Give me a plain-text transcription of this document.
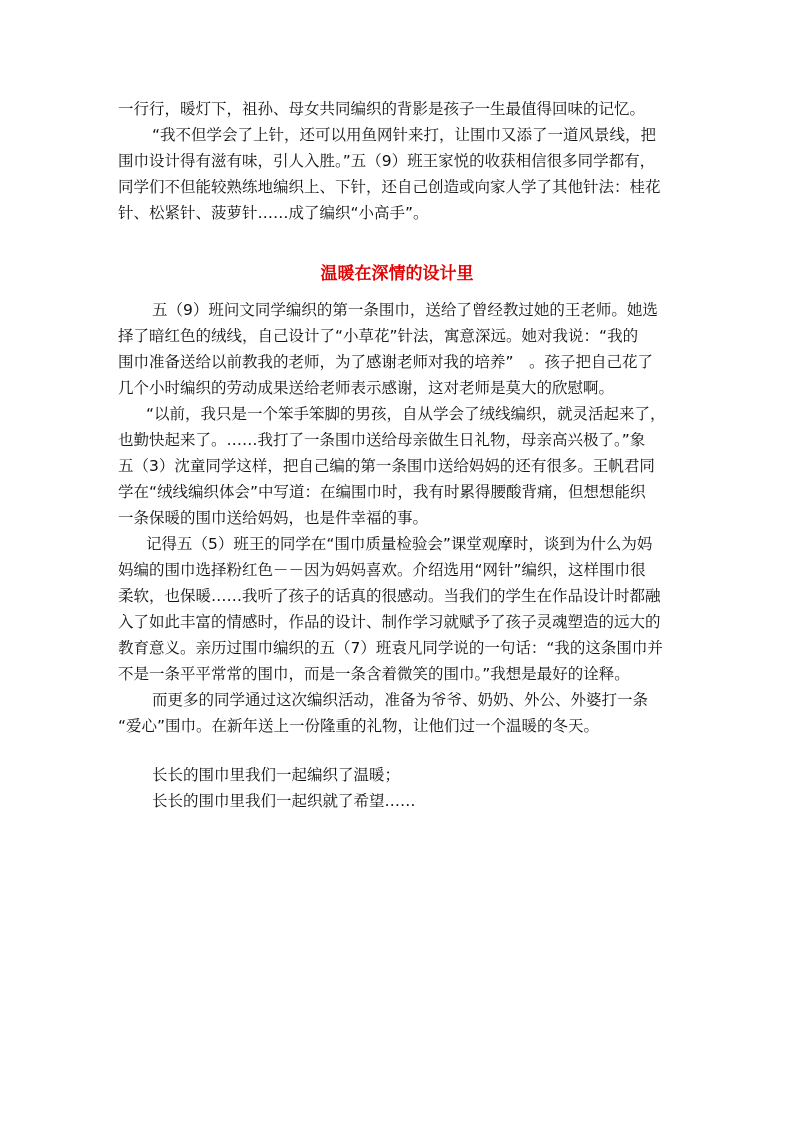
一行行，暖灯下，祖孙、母女共同编织的背影是孩子一生最值得回味的记忆。
“我不但学会了上针，还可以用鱼网针来打，让围巾又添了一道风景线，把
围巾设计得有滋有味，引人入胜。”五（9）班王家悦的收获相信很多同学都有，
同学们不但能较熟练地编织上、下针，还自己创造或向家人学了其他针法：桂花
针、松紧针、菠萝针……成了编织“小高手”。
温暖在深情的设计里
五（9）班问文同学编织的第一条围巾，送给了曾经教过她的王老师。她选
择了暗红色的绒线，自己设计了“小草花”针法，寓意深远。她对我说：“我的
围巾准备送给以前教我的老师，为了感谢老师对我的培养”　。孩子把自己花了
几个小时编织的劳动成果送给老师表示感谢，这对老师是莫大的欣慰啊。
“以前，我只是一个笨手笨脚的男孩，自从学会了绒线编织，就灵活起来了，
也勤快起来了。……我打了一条围巾送给母亲做生日礼物，母亲高兴极了。”象
五（3）沈童同学这样，把自己编的第一条围巾送给妈妈的还有很多。王帆君同
学在“绒线编织体会”中写道：在编围巾时，我有时累得腰酸背痛，但想想能织
一条保暖的围巾送给妈妈，也是件幸福的事。
记得五（5）班王的同学在“围巾质量检验会”课堂观摩时，谈到为什么为妈
妈编的围巾选择粉红色－－因为妈妈喜欢。介绍选用“网针”编织，这样围巾很
柔软，也保暖……我听了孩子的话真的很感动。当我们的学生在作品设计时都融
入了如此丰富的情感时，作品的设计、制作学习就赋予了孩子灵魂塑造的远大的
教育意义。亲历过围巾编织的五（7）班袁凡同学说的一句话：“我的这条围巾并
不是一条平平常常的围巾，而是一条含着微笑的围巾。”我想是最好的诠释。
而更多的同学通过这次编织活动，准备为爷爷、奶奶、外公、外婆打一条
“爱心”围巾。在新年送上一份隆重的礼物，让他们过一个温暖的冬天。
长长的围巾里我们一起编织了温暖；
长长的围巾里我们一起织就了希望……
